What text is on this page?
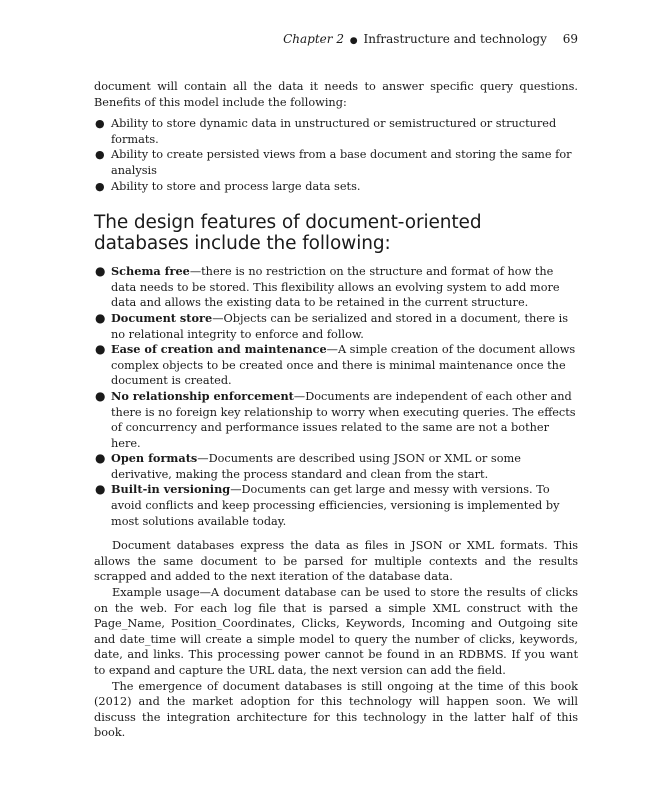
Chapter 2 ● Infrastructure and technology 69

document will contain all the data it needs to answer specific query questions. Benefits of this model include the following:

● Ability to store dynamic data in unstructured or semistructured or structured formats.
● Ability to create persisted views from a base document and storing the same for analysis
● Ability to store and process large data sets.
The design features of document-oriented databases include the following:
● Schema free—there is no restriction on the structure and format of how the data needs to be stored. This flexibility allows an evolving system to add more data and allows the existing data to be retained in the current structure.
● Document store—Objects can be serialized and stored in a document, there is no relational integrity to enforce and follow.
● Ease of creation and maintenance—A simple creation of the document allows complex objects to be created once and there is minimal maintenance once the document is created.
● No relationship enforcement—Documents are independent of each other and there is no foreign key relationship to worry when executing queries. The effects of concurrency and performance issues related to the same are not a bother here.
● Open formats—Documents are described using JSON or XML or some derivative, making the process standard and clean from the start.
● Built-in versioning—Documents can get large and messy with versions. To avoid conflicts and keep processing efficiencies, versioning is implemented by most solutions available today.

Document databases express the data as files in JSON or XML formats. This allows the same document to be parsed for multiple contexts and the results scrapped and added to the next iteration of the database data.

Example usage—A document database can be used to store the results of clicks on the web. For each log file that is parsed a simple XML construct with the Page_Name, Position_Coordinates, Clicks, Keywords, Incoming and Outgoing site and date_time will create a simple model to query the number of clicks, keywords, date, and links. This processing power cannot be found in an RDBMS. If you want to expand and capture the URL data, the next version can add the field.

The emergence of document databases is still ongoing at the time of this book (2012) and the market adoption for this technology will happen soon. We will discuss the integration architecture for this technology in the latter half of this book.
